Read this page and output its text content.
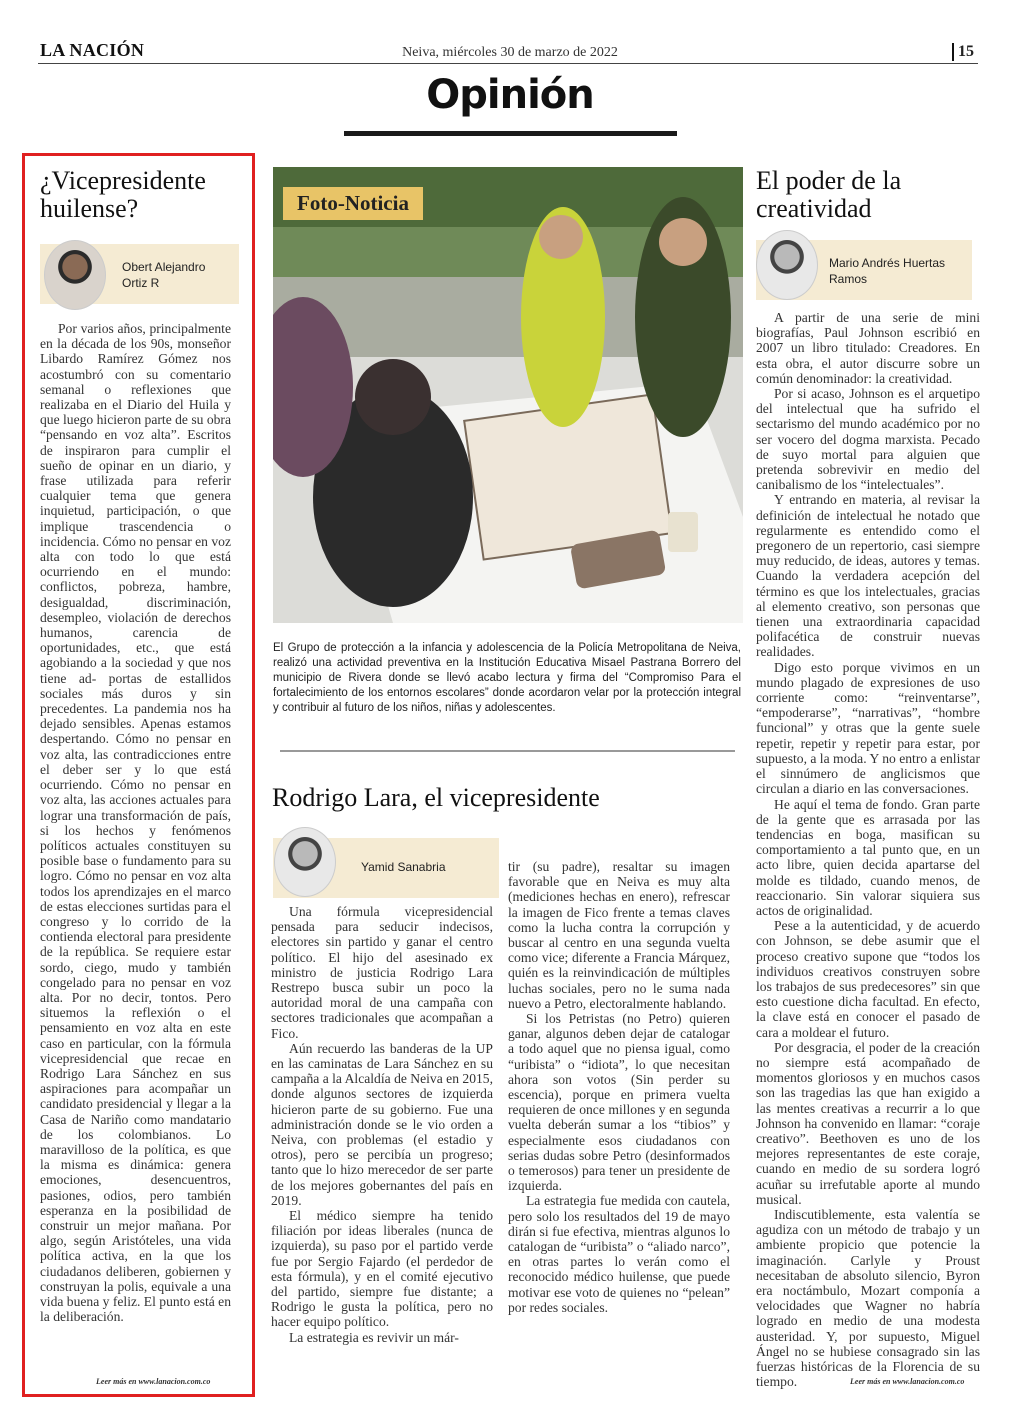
LA NACIÓN	Neiva, miércoles 30 de marzo de 2022	15
Opinión
¿Vicepresidente huilense?
Obert Alejandro Ortiz R

Por varios años, principalmente en la década de los 90s, monseñor Libardo Ramírez Gómez nos acostumbró con su comentario semanal o reflexiones que realizaba en el Diario del Huila y que luego hicieron parte de su obra “pensando en voz alta”. Escritos de inspiraron para cumplir el sueño de opinar en un diario, y frase utilizada para referir cualquier tema que genera inquietud, participación, o que implique trascendencia o incidencia. Cómo no pensar en voz alta con todo lo que está ocurriendo en el mundo: conflictos, pobreza, hambre, desigualdad, discriminación, desempleo, violación de derechos humanos, carencia de oportunidades, etc., que está agobiando a la sociedad y que nos tiene ad- portas de estallidos sociales más duros y sin precedentes. La pandemia nos ha dejado sensibles. Apenas estamos despertando. Cómo no pensar en voz alta, las contradicciones entre el deber ser y lo que está ocurriendo. Cómo no pensar en voz alta, las acciones actuales para lograr una transformación de país, si los hechos y fenómenos políticos actuales constituyen su posible base o fundamento para su logro. Cómo no pensar en voz alta todos los aprendizajes en el marco de estas elecciones surtidas para el congreso y lo corrido de la contienda electoral para presidente de la república. Se requiere estar sordo, ciego, mudo y también congelado para no pensar en voz alta. Por no decir, tontos. Pero situemos la reflexión o el pensamiento en voz alta en este caso en particular, con la fórmula vicepresidencial que recae en Rodrigo Lara Sánchez en sus aspiraciones para acompañar un candidato presidencial y llegar a la Casa de Nariño como mandatario de los colombianos. Lo maravilloso de la política, es que la misma es dinámica: genera emociones, desencuentros, pasiones, odios, pero también esperanza en la posibilidad de construir un mejor mañana. Por algo, según Aristóteles, una vida política activa, en la que los ciudadanos deliberen, gobiernen y construyan la polis, equivale a una vida buena y feliz. El punto está en la deliberación.

Leer más en www.lanacion.com.co
Foto-Noticia
El Grupo de protección a la infancia y adolescencia de la Policía Metropolitana de Neiva, realizó una actividad preventiva en la Institución Educativa Misael Pastrana Borrero del municipio de Rivera donde se llevó acabo lectura y firma del “Compromiso Para el fortalecimiento de los entornos escolares” donde acordaron velar por la protección integral y contribuir al futuro de los niños, niñas y adolescentes.
Rodrigo Lara, el vicepresidente
Yamid Sanabria

Una fórmula vicepresidencial pensada para seducir indecisos, electores sin partido y ganar el centro político. El hijo del asesinado ex ministro de justicia Rodrigo Lara Restrepo busca subir un poco la autoridad moral de una campaña con sectores tradicionales que acompañan a Fico.

Aún recuerdo las banderas de la UP en las caminatas de Lara Sánchez en su campaña a la Alcaldía de Neiva en 2015, donde algunos sectores de izquierda hicieron parte de su gobierno. Fue una administración donde se le vio orden a Neiva, con problemas (el estadio y otros), pero se percibía un progreso; tanto que lo hizo merecedor de ser parte de los mejores gobernantes del país en 2019.

El médico siempre ha tenido filiación por ideas liberales (nunca de izquierda), su paso por el partido verde fue por Sergio Fajardo (el perdedor de esta fórmula), y en el comité ejecutivo del partido, siempre fue distante; a Rodrigo le gusta la política, pero no hacer equipo político.

La estrategia es revivir un már-

tir (su padre), resaltar su imagen favorable que en Neiva es muy alta (mediciones hechas en enero), refrescar la imagen de Fico frente a temas claves como la lucha contra la corrupción y buscar al centro en una segunda vuelta como vice; diferente a Francia Márquez, quién es la reinvindicación de múltiples luchas sociales, pero no le suma nada nuevo a Petro, electoralmente hablando.

Si los Petristas (no Petro) quieren ganar, algunos deben dejar de catalogar a todo aquel que no piensa igual, como “uribista” o “idiota”, lo que necesitan ahora son votos (Sin perder su escencia), porque en primera vuelta requieren de once millones y en segunda vuelta deberán sumar a los “tibios” y especialmente esos ciudadanos con serias dudas sobre Petro (desinformados o temerosos) para tener un presidente de izquierda.

La estrategia fue medida con cautela, pero solo los resultados del 19 de mayo dirán si fue efectiva, mientras algunos lo catalogan de “uribista” o “aliado narco”, en otras partes lo verán como el reconocido médico huilense, que puede motivar ese voto de quienes no “pelean” por redes sociales.

El poder de la creatividad
Mario Andrés Huertas Ramos

A partir de una serie de mini biografías, Paul Johnson escribió en 2007 un libro titulado: Creadores. En esta obra, el autor discurre sobre un común denominador: la creatividad.

Por si acaso, Johnson es el arquetipo del intelectual que ha sufrido el sectarismo del mundo académico por no ser vocero del dogma marxista. Pecado de suyo mortal para alguien que pretenda sobrevivir en medio del canibalismo de los “intelectuales”.

Y entrando en materia, al revisar la definición de intelectual he notado que regularmente es entendido como el pregonero de un repertorio, casi siempre muy reducido, de ideas, autores y temas. Cuando la verdadera acepción del término es que los intelectuales, gracias al elemento creativo, son personas que tienen una extraordinaria capacidad polifacética de construir nuevas realidades.

Digo esto porque vivimos en un mundo plagado de expresiones de uso corriente como: “reinventarse”, “empoderarse”, “narrativas”, “hombre funcional” y otras que la gente suele repetir, repetir y repetir para estar, por supuesto, a la moda. Y no entro a enlistar el sinnúmero de anglicismos que circulan a diario en las conversaciones.

He aquí el tema de fondo. Gran parte de la gente que es arrasada por las tendencias en boga, masifican su comportamiento a tal punto que, en un acto libre, quien decida apartarse del molde es tildado, cuando menos, de reaccionario. Sin valorar siquiera sus actos de originalidad.

Pese a la autenticidad, y de acuerdo con Johnson, se debe asumir que el proceso creativo supone que “todos los individuos creativos construyen sobre los trabajos de sus predecesores” sin que esto cuestione dicha facultad. En efecto, la clave está en conocer el pasado de cara a moldear el futuro.

Por desgracia, el poder de la creación no siempre está acompañado de momentos gloriosos y en muchos casos son las tragedias las que han exigido a las mentes creativas a recurrir a lo que Johnson ha convenido en llamar: “coraje creativo”. Beethoven es uno de los mejores representantes de este coraje, cuando en medio de su sordera logró acuñar su irrefutable aporte al mundo musical.

Indiscutiblemente, esta valentía se agudiza con un método de trabajo y un ambiente propicio que potencie la imaginación. Carlyle y Proust necesitaban de absoluto silencio, Byron era noctámbulo, Mozart componía a velocidades que Wagner no habría logrado en medio de una modesta austeridad. Y, por supuesto, Miguel Ángel no se hubiese consagrado sin las fuerzas históricas de la Florencia de su tiempo.	Leer más en www.lanacion.com.co
